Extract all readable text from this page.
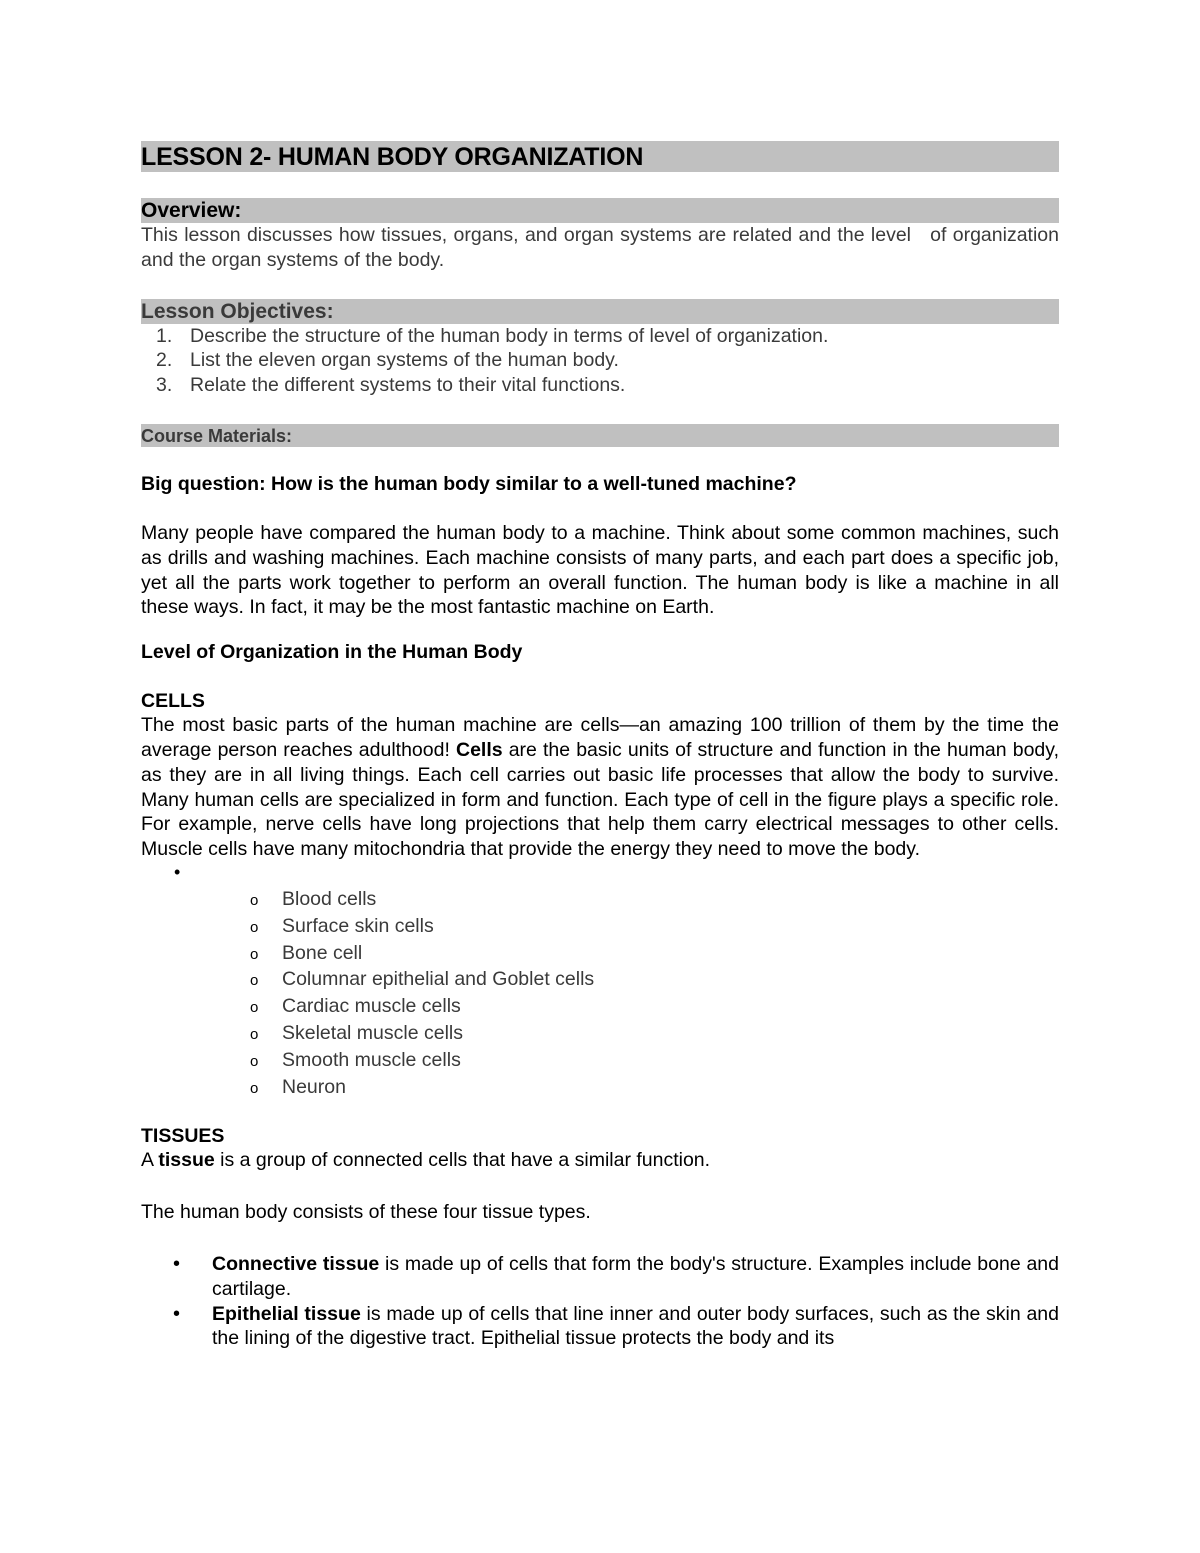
LESSON 2- HUMAN BODY ORGANIZATION
Overview:
This lesson discusses how tissues, organs, and organ systems are related and the level   of organization and the organ systems of the body.
Lesson Objectives:
1. Describe the structure of the human body in terms of level of organization.
2. List the eleven organ systems of the human body.
3. Relate the different systems to their vital functions.
Course Materials:
Big question: How is the human body similar to a well-tuned machine?
Many people have compared the human body to a machine. Think about some common machines, such as drills and washing machines. Each machine consists of many parts, and each part does a specific job, yet all the parts work together to perform an overall function. The human body is like a machine in all these ways. In fact, it may be the most fantastic machine on Earth.
Level of Organization in the Human Body
CELLS
The most basic parts of the human machine are cells—an amazing 100 trillion of them by the time the average person reaches adulthood! Cells are the basic units of structure and function in the human body, as they are in all living things. Each cell carries out basic life processes that allow the body to survive. Many human cells are specialized in form and function. Each type of cell in the figure plays a specific role. For example, nerve cells have long projections that help them carry electrical messages to other cells. Muscle cells have many mitochondria that provide the energy they need to move the body.
•
o Blood cells
o Surface skin cells
o Bone cell
o Columnar epithelial and Goblet cells
o Cardiac muscle cells
o Skeletal muscle cells
o Smooth muscle cells
o Neuron
TISSUES
A tissue is a group of connected cells that have a similar function.
The human body consists of these four tissue types.
• Connective tissue is made up of cells that form the body's structure. Examples include bone and cartilage.
• Epithelial tissue is made up of cells that line inner and outer body surfaces, such as the skin and the lining of the digestive tract. Epithelial tissue protects the body and its
